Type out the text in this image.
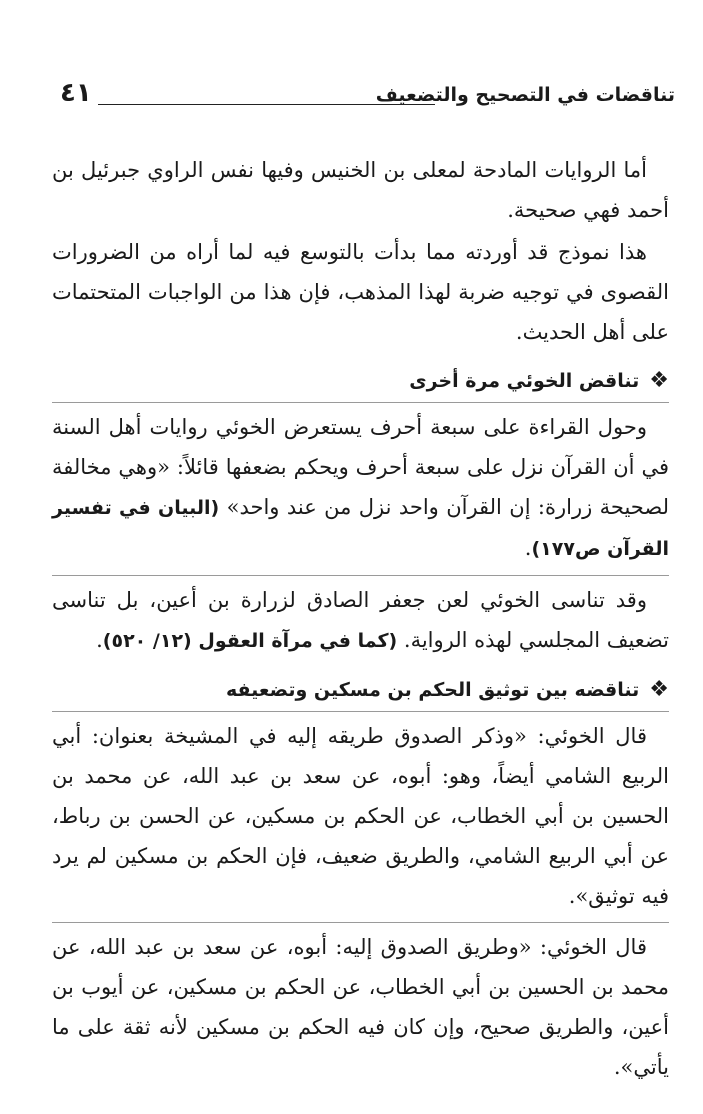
تناقضات في التصحيح والتضعيف
٤١

أما الروايات المادحة لمعلى بن الخنيس وفيها نفس الراوي جبرئيل بن أحمد فهي صحيحة.

هذا نموذج قد أوردته مما بدأت بالتوسع فيه لما أراه من الضرورات القصوى في توجيه ضربة لهذا المذهب، فإن هذا من الواجبات المتحتمات على أهل الحديث.

❖
تناقض الخوئي مرة أخرى

وحول القراءة على سبعة أحرف يستعرض الخوئي روايات أهل السنة في أن القرآن نزل على سبعة أحرف ويحكم بضعفها قائلاً: «وهي مخالفة لصحيحة زرارة: إن القرآن واحد نزل من عند واحد» (البيان في تفسير القرآن ص١٧٧).

وقد تناسى الخوئي لعن جعفر الصادق لزرارة بن أعين، بل تناسى تضعيف المجلسي لهذه الرواية. (كما في مرآة العقول (١٢/ ٥٢٠).

❖
تناقضه بين توثيق الحكم بن مسكين وتضعيفه

قال الخوئي: «وذكر الصدوق طريقه إليه في المشيخة بعنوان: أبي الربيع الشامي أيضاً، وهو: أبوه، عن سعد بن عبد الله، عن محمد بن الحسين بن أبي الخطاب، عن الحكم بن مسكين، عن الحسن بن رباط، عن أبي الربيع الشامي، والطريق ضعيف، فإن الحكم بن مسكين لم يرد فيه توثيق».

قال الخوئي: «وطريق الصدوق إليه: أبوه، عن سعد بن عبد الله، عن محمد بن الحسين بن أبي الخطاب، عن الحكم بن مسكين، عن أيوب بن أعين، والطريق صحيح، وإن كان فيه الحكم بن مسكين لأنه ثقة على ما يأتي».
